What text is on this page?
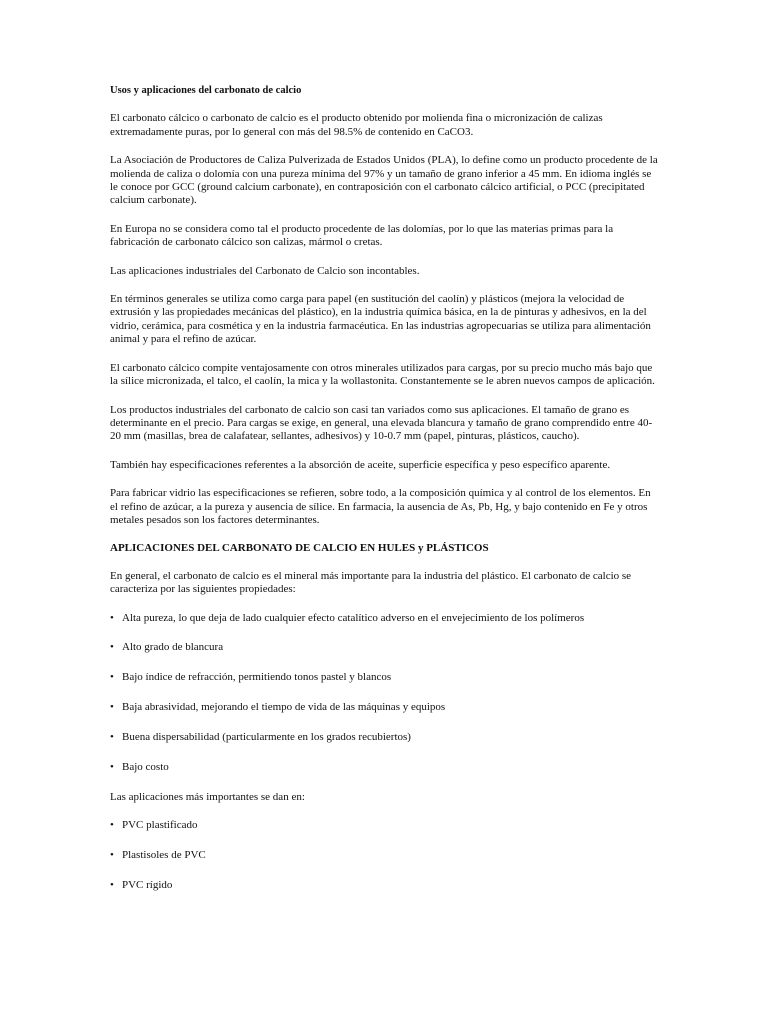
Usos y aplicaciones del carbonato de calcio

El carbonato cálcico o carbonato de calcio es el producto obtenido por molienda fina o micronización de calizas extremadamente puras, por lo general con más del 98.5% de contenido en CaCO3.

La Asociación de Productores de Caliza Pulverizada de Estados Unidos (PLA), lo define como un producto procedente de la molienda de caliza o dolomía con una pureza mínima del 97% y un tamaño de grano inferior a 45 mm. En idioma inglés se le conoce por GCC (ground calcium carbonate), en contraposición con el carbonato cálcico artificial, o PCC (precipitated calcium carbonate).

En Europa no se considera como tal el producto procedente de las dolomías, por lo que las materias primas para la fabricación de carbonato cálcico son calizas, mármol o cretas.

Las aplicaciones industriales del Carbonato de Calcio son incontables.

En términos generales se utiliza como carga para papel (en sustitución del caolín) y plásticos (mejora la velocidad de extrusión y las propiedades mecánicas del plástico), en la industria química básica, en la de pinturas y adhesivos, en la del vidrio, cerámica, para cosmética y en la industria farmacéutica. En las industrias agropecuarias se utiliza para alimentación animal y para el refino de azúcar.

El carbonato cálcico compite ventajosamente con otros minerales utilizados para cargas, por su precio mucho más bajo que la sílice micronizada, el talco, el caolín, la mica y la wollastonita. Constantemente se le abren nuevos campos de aplicación.

Los productos industriales del carbonato de calcio son casi tan variados como sus aplicaciones. El tamaño de grano es determinante en el precio. Para cargas se exige, en general, una elevada blancura y tamaño de grano comprendido entre 40-20 mm (masillas, brea de calafatear, sellantes, adhesivos) y 10-0.7 mm (papel, pinturas, plásticos, caucho).

También hay especificaciones referentes a la absorción de aceite, superficie específica y peso específico aparente.

Para fabricar vidrio las especificaciones se refieren, sobre todo, a la composición química y al control de los elementos. En el refino de azúcar, a la pureza y ausencia de sílice. En farmacia, la ausencia de As, Pb, Hg, y bajo contenido en Fe y otros metales pesados son los factores determinantes.

APLICACIONES DEL CARBONATO DE CALCIO EN HULES y PLÁSTICOS

En general, el carbonato de calcio es el mineral más importante para la industria del plástico. El carbonato de calcio se caracteriza por las siguientes propiedades:

• Alta pureza, lo que deja de lado cualquier efecto catalítico adverso en el envejecimiento de los polímeros
• Alto grado de blancura
• Bajo índice de refracción, permitiendo tonos pastel y blancos
• Baja abrasividad, mejorando el tiempo de vida de las máquinas y equipos
• Buena dispersabilidad (particularmente en los grados recubiertos)
• Bajo costo

Las aplicaciones más importantes se dan en:

• PVC plastificado
• Plastisoles de PVC
• PVC rígido
